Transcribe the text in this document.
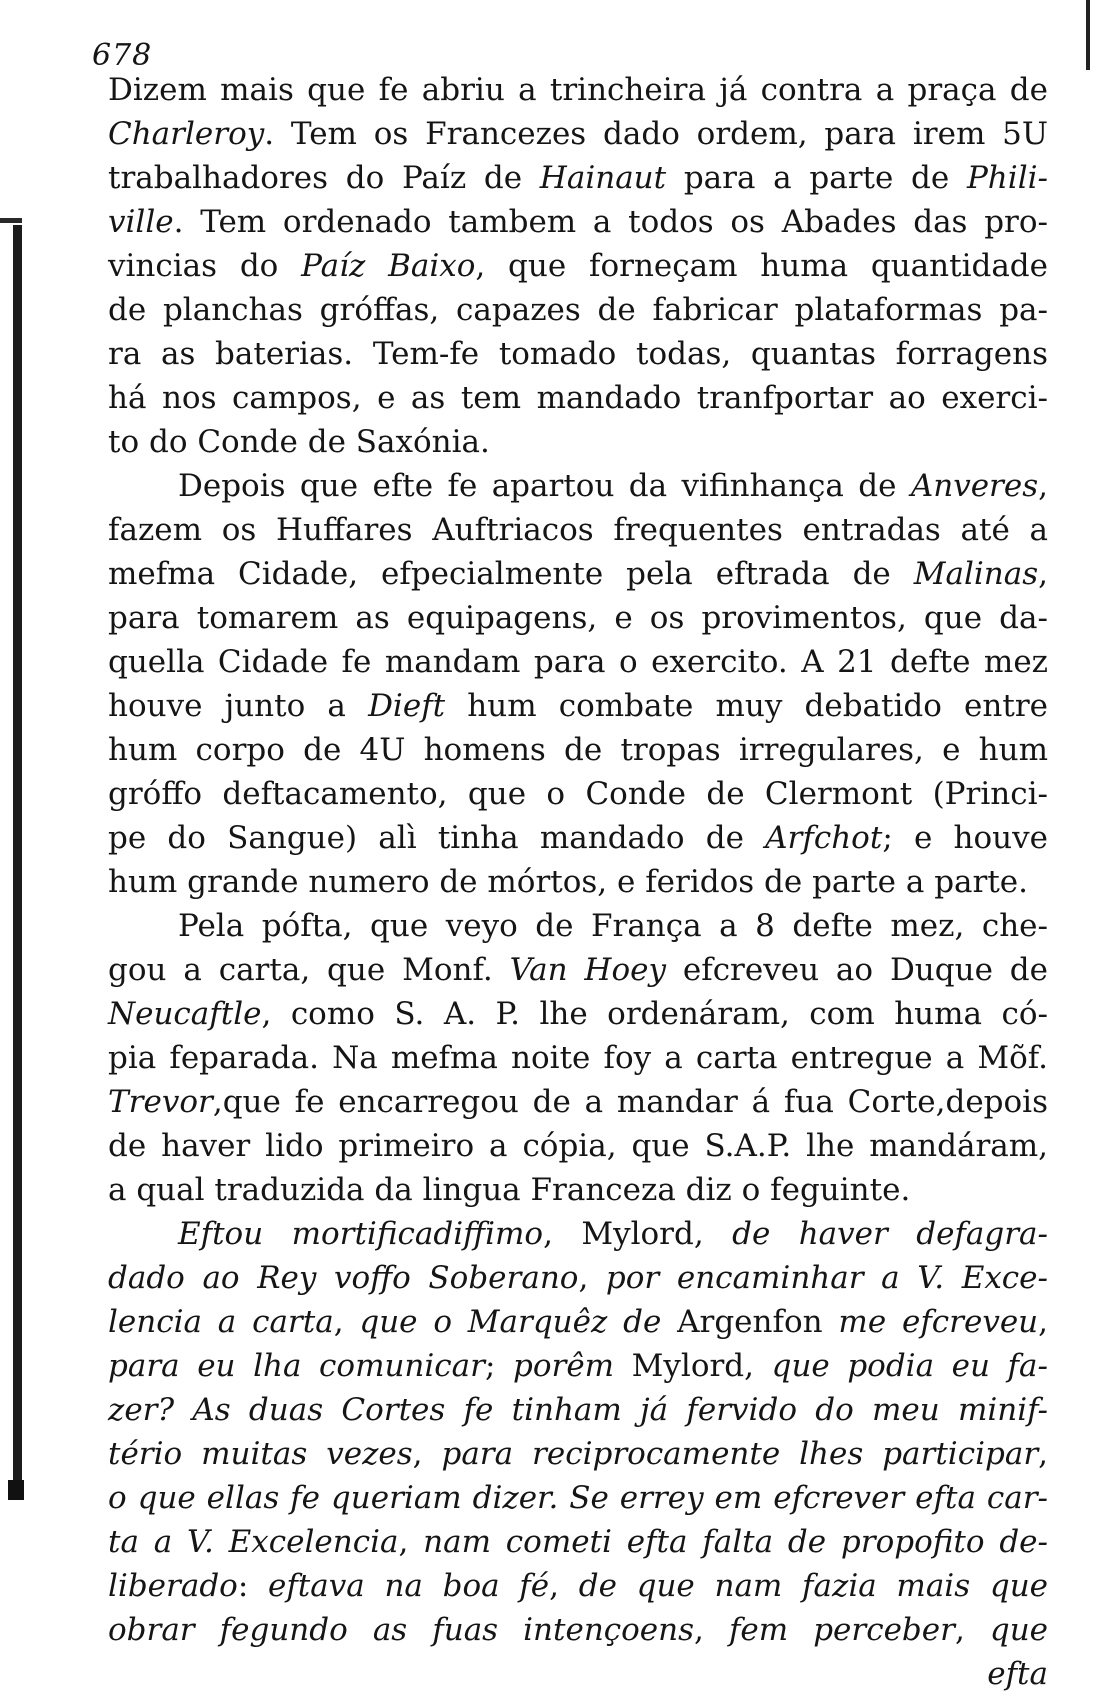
678
Dizem mais que fe abriu a trincheira já contra a praça de
Charleroy. Tem os Francezes dado ordem, para irem 5U
trabalhadores do Paíz de Hainaut para a parte de Phili-
ville. Tem ordenado tambem a todos os Abades das pro-
vincias do Paíz Baixo, que forneçam huma quantidade
de planchas gróffas, capazes de fabricar plataformas pa-
ra as baterias. Tem-fe tomado todas, quantas forragens
há nos campos, e as tem mandado tranfportar ao exerci-
to do Conde de Saxónia.
Depois que efte fe apartou da vifinhança de Anveres,
fazem os Huffares Auftriacos frequentes entradas até a
mefma Cidade, efpecialmente pela eftrada de Malinas,
para tomarem as equipagens, e os provimentos, que da-
quella Cidade fe mandam para o exercito. A 21 defte mez
houve junto a Dieft hum combate muy debatido entre
hum corpo de 4U homens de tropas irregulares, e hum
gróffo deftacamento, que o Conde de Clermont (Princi-
pe do Sangue) alì tinha mandado de Arfchot; e houve
hum grande numero de mórtos, e feridos de parte a parte.
Pela pófta, que veyo de França a 8 defte mez, che-
gou a carta, que Monf. Van Hoey efcreveu ao Duque de
Neucaftle, como S. A. P. lhe ordenáram, com huma có-
pia feparada. Na mefma noite foy a carta entregue a Mõf.
Trevor,que fe encarregou de a mandar á fua Corte,depois
de haver lido primeiro a cópia, que S.A.P. lhe mandáram,
a qual traduzida da lingua Franceza diz o feguinte.
Eftou mortificadiffimo, Mylord, de haver defagra-
dado ao Rey voffo Soberano, por encaminhar a V. Exce-
lencia a carta, que o Marquêz de Argenfon me efcreveu,
para eu lha comunicar; porêm Mylord, que podia eu fa-
zer? As duas Cortes fe tinham já fervido do meu minif-
tério muitas vezes, para reciprocamente lhes participar,
o que ellas fe queriam dizer. Se errey em efcrever efta car-
ta a V. Excelencia, nam cometi efta falta de propofito de-
liberado: eftava na boa fé, de que nam fazia mais que
obrar fegundo as fuas intençoens, fem perceber, que
efta
